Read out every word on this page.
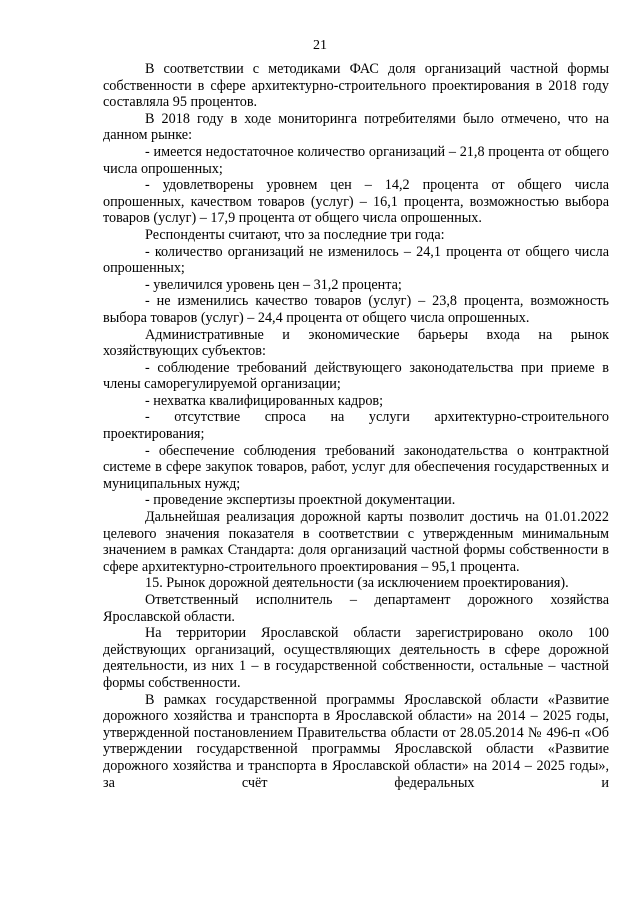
21

В соответствии с методиками ФАС доля организаций частной формы собственности в сфере архитектурно-строительного проектирования в 2018 году составляла 95 процентов.

В 2018 году в ходе мониторинга потребителями было отмечено, что на данном рынке:

- имеется недостаточное количество организаций – 21,8 процента от общего числа опрошенных;

- удовлетворены уровнем цен – 14,2 процента от общего числа опрошенных, качеством товаров (услуг) – 16,1 процента, возможностью выбора товаров (услуг) – 17,9 процента от общего числа опрошенных.

Респонденты считают, что за последние три года:

- количество организаций не изменилось – 24,1 процента от общего числа опрошенных;

- увеличился уровень цен – 31,2 процента;

- не изменились качество товаров (услуг) – 23,8 процента, возможность выбора товаров (услуг) – 24,4 процента от общего числа опрошенных.

Административные и экономические барьеры входа на рынок хозяйствующих субъектов:

- соблюдение требований действующего законодательства при приеме в члены саморегулируемой организации;

- нехватка квалифицированных кадров;

- отсутствие спроса на услуги архитектурно-строительного проектирования;

- обеспечение соблюдения требований законодательства о контрактной системе в сфере закупок товаров, работ, услуг для обеспечения государственных и муниципальных нужд;

- проведение экспертизы проектной документации.

Дальнейшая реализация дорожной карты позволит достичь на 01.01.2022 целевого значения показателя в соответствии с утвержденным минимальным значением в рамках Стандарта: доля организаций частной формы собственности в сфере архитектурно-строительного проектирования – 95,1 процента.

15. Рынок дорожной деятельности (за исключением проектирования).

Ответственный исполнитель – департамент дорожного хозяйства Ярославской области.

На территории Ярославской области зарегистрировано около 100 действующих организаций, осуществляющих деятельность в сфере дорожной деятельности, из них 1 – в государственной собственности, остальные – частной формы собственности.

В рамках государственной программы Ярославской области «Развитие дорожного хозяйства и транспорта в Ярославской области» на 2014 – 2025 годы, утвержденной постановлением Правительства области от 28.05.2014 № 496-п «Об утверждении государственной программы Ярославской области «Развитие дорожного хозяйства и транспорта в Ярославской области» на 2014 – 2025 годы», за счёт федеральных и
